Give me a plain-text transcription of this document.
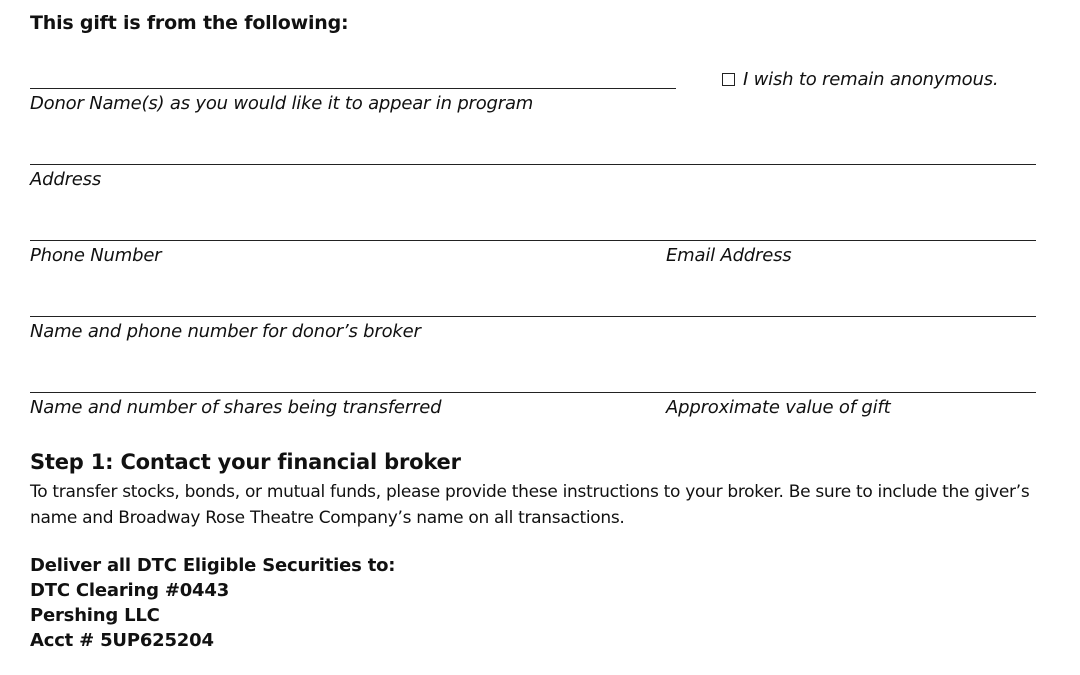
This gift is from the following:
I wish to remain anonymous.
Donor Name(s) as you would like it to appear in program
Address
Phone Number	Email Address
Name and phone number for donor’s broker
Name and number of shares being transferred	Approximate value of gift
Step 1: Contact your financial broker
To transfer stocks, bonds, or mutual funds, please provide these instructions to your broker. Be sure to include the giver’s name and Broadway Rose Theatre Company’s name on all transactions.
Deliver all DTC Eligible Securities to:
DTC Clearing #0443
Pershing LLC
Acct # 5UP625204
